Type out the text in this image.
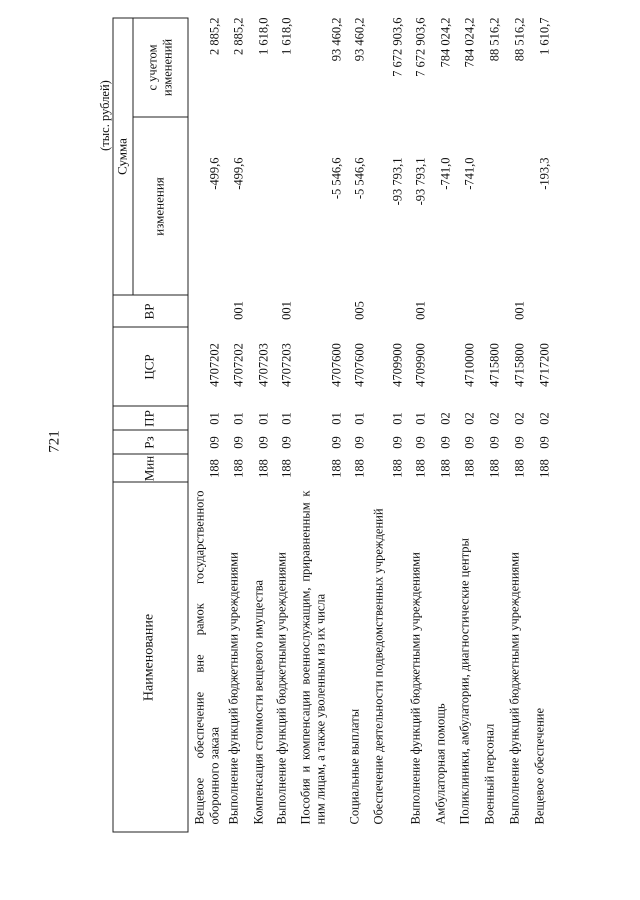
721
(тыс. рублей)
Наименование
Мин
Рз
ПР
ЦСР
ВР
Сумма
изменения
с учетом изменений
Вещевое обеспечение вне рамок государственного оборонного заказа
188
09
01
4707202
-499,6
2 885,2
Выполнение функций бюджетными учреждениями
188
09
01
4707202
001
-499,6
2 885,2
Компенсация стоимости вещевого имущества
188
09
01
4707203
1 618,0
Выполнение функций бюджетными учреждениями
188
09
01
4707203
001
1 618,0
Пособия и компенсации военнослужащим, приравненным к ним лицам, а также уволенным из их числа
188
09
01
4707600
-5 546,6
93 460,2
Социальные выплаты
188
09
01
4707600
005
-5 546,6
93 460,2
Обеспечение деятельности подведомственных учреждений
188
09
01
4709900
-93 793,1
7 672 903,6
Выполнение функций бюджетными учреждениями
188
09
01
4709900
001
-93 793,1
7 672 903,6
Амбулаторная помощь
188
09
02
-741,0
784 024,2
Поликлиники, амбулатории, диагностические центры
188
09
02
4710000
-741,0
784 024,2
Военный персонал
188
09
02
4715800
88 516,2
Выполнение функций бюджетными учреждениями
188
09
02
4715800
001
88 516,2
Вещевое обеспечение
188
09
02
4717200
-193,3
1 610,7
